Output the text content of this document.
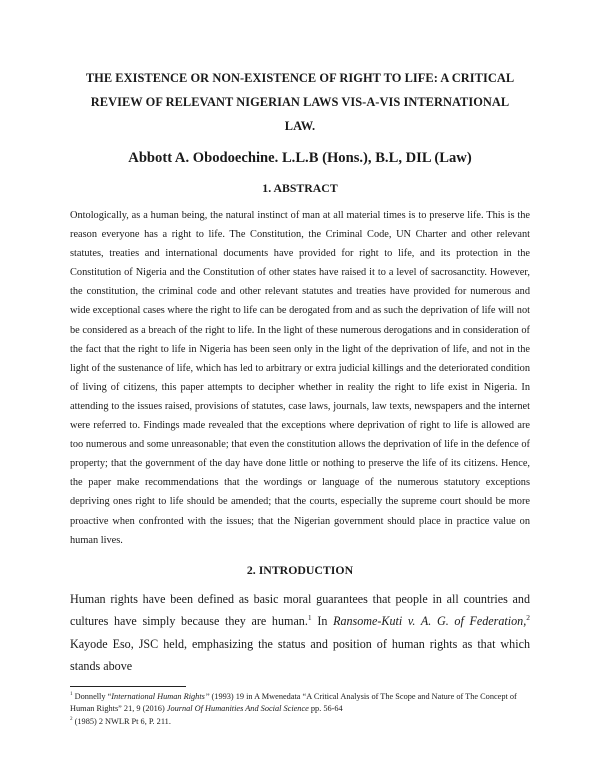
THE EXISTENCE OR NON-EXISTENCE OF RIGHT TO LIFE: A CRITICAL
REVIEW OF RELEVANT NIGERIAN LAWS VIS-A-VIS INTERNATIONAL
LAW.

Abbott A. Obodoechine. L.L.B (Hons.), B.L, DIL (Law)

1. ABSTRACT

Ontologically, as a human being, the natural instinct of man at all material times is to preserve life. This is the reason everyone has a right to life. The Constitution, the Criminal Code, UN Charter and other relevant statutes, treaties and international documents have provided for right to life, and its protection in the Constitution of Nigeria and the Constitution of other states have raised it to a level of sacrosanctity. However, the constitution, the criminal code and other relevant statutes and treaties have provided for numerous and wide exceptional cases where the right to life can be derogated from and as such the deprivation of life will not be considered as a breach of the right to life. In the light of these numerous derogations and in consideration of the fact that the right to life in Nigeria has been seen only in the light of the deprivation of life, and not in the light of the sustenance of life, which has led to arbitrary or extra judicial killings and the deteriorated condition of living of citizens, this paper attempts to decipher whether in reality the right to life exist in Nigeria. In attending to the issues raised, provisions of statutes, case laws, journals, law texts, newspapers and the internet were referred to. Findings made revealed that the exceptions where deprivation of right to life is allowed are too numerous and some unreasonable; that even the constitution allows the deprivation of life in the defence of property; that the government of the day have done little or nothing to preserve the life of its citizens. Hence, the paper make recommendations that the wordings or language of the numerous statutory exceptions depriving ones right to life should be amended; that the courts, especially the supreme court should be more proactive when confronted with the issues; that the Nigerian government should place in practice value on human lives.

2. INTRODUCTION

Human rights have been defined as basic moral guarantees that people in all countries and cultures have simply because they are human.$^1$ In Ransome-Kuti v. A. G. of Federation,$^2$ Kayode Eso, JSC held, emphasizing the status and position of human rights as that which stands above

$^1$ Donnelly “International Human Rights’’ (1993) 19 in A Mwenedata “A Critical Analysis of The Scope and Nature of The Concept of Human Rights” 21, 9 (2016) Journal Of Humanities And Social Science pp. 56-64

$^2$ (1985) 2 NWLR Pt 6, P. 211.
